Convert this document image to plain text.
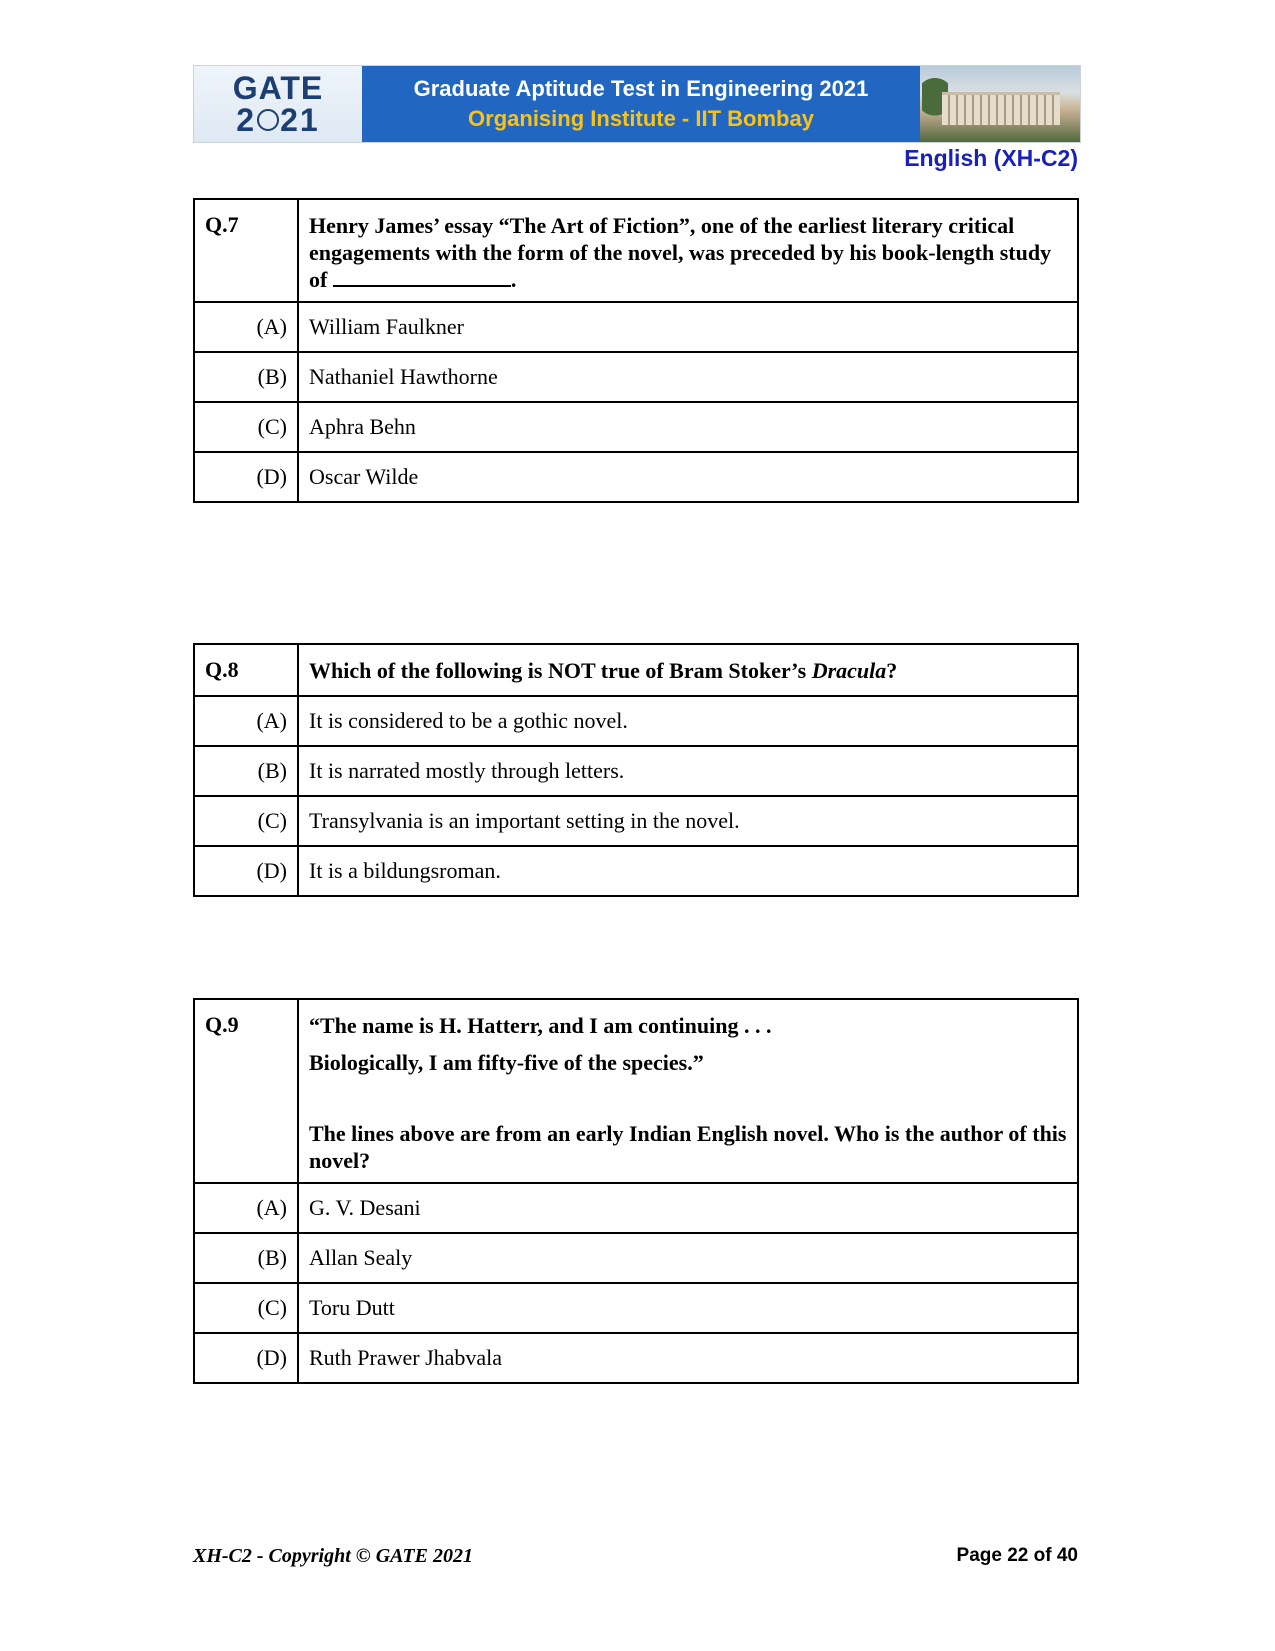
GATE
2 21
Graduate Aptitude Test in Engineering 2021
Organising Institute - IIT Bombay
English (XH-C2)
Q.7	Henry James’ essay “The Art of Fiction”, one of the earliest literary critical engagements with the form of the novel, was preceded by his book-length study of .
(A)	William Faulkner
(B)	Nathaniel Hawthorne
(C)	Aphra Behn
(D)	Oscar Wilde
Q.8	Which of the following is NOT true of Bram Stoker’s Dracula?
(A)	It is considered to be a gothic novel.
(B)	It is narrated mostly through letters.
(C)	Transylvania is an important setting in the novel.
(D)	It is a bildungsroman.
Q.9	“The name is H. Hatterr, and I am continuing . . .
Biologically, I am fifty-five of the species.”
The lines above are from an early Indian English novel. Who is the author of this novel?

(A)	G. V. Desani
(B)	Allan Sealy
(C)	Toru Dutt
(D)	Ruth Prawer Jhabvala
XH-C2 - Copyright © GATE 2021	Page 22 of 40
